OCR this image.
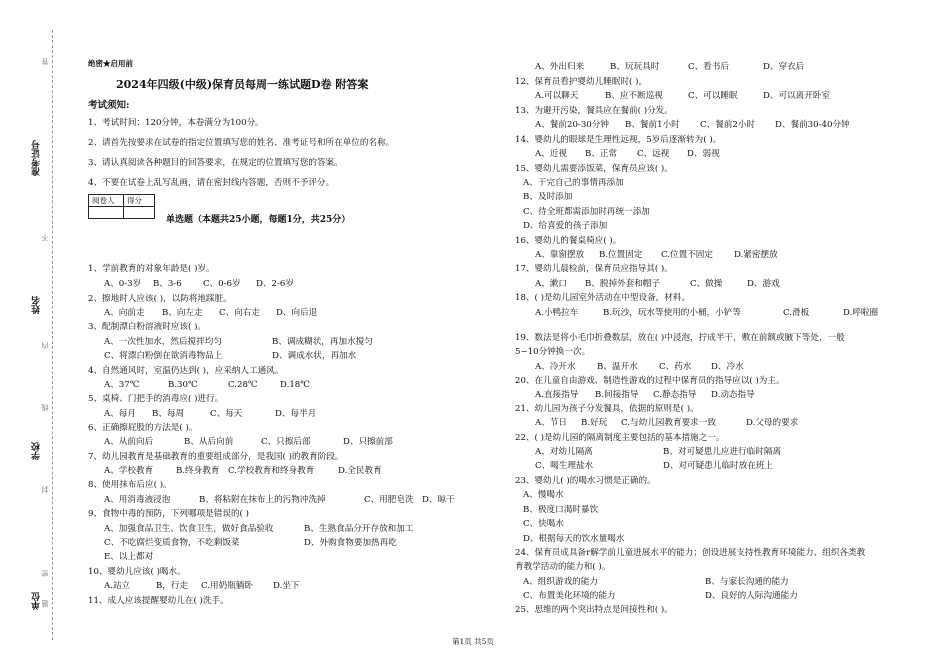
答
准考证号
不
姓名
内
线
学校
封
密
单位 题
绝密★启用前
2024年四级(中级)保育员每周一练试题D卷 附答案
考试须知:
1、考试时间：120分钟，本卷满分为100分。
2、请首先按要求在试卷的指定位置填写您的姓名、准考证号和所在单位的名称。
3、请认真阅读各种题目的回答要求，在规定的位置填写您的答案。
4、不要在试卷上乱写乱画，请在密封线内答题，否则不予评分。
阅卷人	得分

单选题（本题共25小题，每题1分，共25分）
1、学前教育的对象年龄是( )岁。
A、0-3岁 B、3-6 C、0-6岁 D、2-6岁
2、擦地时人应该( )，以防将地踩脏。
A、向前走 B、向左走 C、向右走 D、向后退
3、配制漂白粉溶液时应该( )。
A、一次性加水，然后搅拌均匀	B、调成糊状，再加水搅匀
C、将漂白粉倒在欲消毒物品上	D、调成水状，再加水
4、自然通风时，室温仍达到( )，应采纳人工通风。
A、37℃	B.30℃	C.28℃	D.18℃
5、桌椅、门把手的消毒应( )进行。
A、每月 B、每周	C、每天	D、每半月
6、正确擦屁股的方法是( )。
A、从前向后	B、从后向前	C、只擦后部	D、只擦前部
7、幼儿园教育是基础教育的重要组成部分，是我国( )的教育阶段。
A、学校教育	B.终身教育 C.学校教育和终身教育	D.全民教育
8、使用抹布后应( )。
A、用消毒液浸泡	B、将粘附在抹布上的污物冲洗掉	C、用肥皂洗 D、晾干
9、食物中毒的预防，下列哪项是错误的( )
A、加强食品卫生、饮食卫生，做好食品验收	B、生熟食品分开存放和加工
C、不吃腐烂变质食物，不吃剩饭菜	D、外购食物要加热再吃
E、以上都对
10、婴幼儿应该( )喝水。
A.站立	B，行走 C.用奶瓶躺卧 D.坐下
11、成人应该提醒婴幼儿在( )洗手。
A、外出归来	B、玩玩具时	C、看书后	D、穿衣后
12、保育员看护婴幼儿睡眠时( )。
A.可以聊天	B、应不断巡视	C、可以睡眠	D、可以离开卧室
13、为避开污染，餐具应在餐前( )分发。
A、餐前20-30分钟 B、餐前1小时 C、餐前2小时 D、餐前30-40分钟
14、婴幼儿的眼球是生理性远视，5岁后逐渐转为( )。
A、近视 B、正常 C、远视 D、弱视
15、婴幼儿需要添饭菜，保育员应该( )。
A、干完自己的事情再添加
B、及时添加
C、待全班都需添加时再统一添加
D、给喜爱的孩子添加
16、婴幼儿的餐桌椅应( )。
A、靠窗摆放 B.位置固定 C.位置不固定 D.紧密摆放
17、婴幼儿晨检前，保育员应指导其( )。
A、漱口 B、脱掉外套和帽子	C、做操	D、游戏
18、( )是幼儿园室外活动在中型设备，材料。
A.小鸭拉车	B.玩沙，玩水等使用的小桶，小铲等	C.滑板	D.呼啦圈
19、数法是将小毛巾折叠数层，放在( )中浸泡，拧成半干，敷在前额或腋下等处，一般
5~10分钟换一次。
A、冷开水 B、温开水 C、药水 D、冷水
20、在儿童自由游戏、制造性游戏的过程中保育员的指导应以( )为主。
A.直接指导 B.间接指导 C.静态指导 D.动态指导
21、幼儿园为孩子分发餐具，依据的原则是( )。
A、节日 B.好玩 C.与幼儿园教育要求一致	D.父母的要求
22、( )是幼儿园的隔离制度主要包括的基本措施之一。
A、对幼儿隔离	B、对可疑患儿应进行临时隔离
C、喝生理盐水	D、对可疑患儿临时放在班上
23、婴幼儿( )的喝水习惯是正确的。
A、慢喝水
B、极度口渴时暴饮
C、快喝水
D、根据每天的饮水量喝水
24、保育员成具备r解学前儿童进展水平的能力；创设进展支持性教育环境能力、组织各类教
育教学活动的能力和( )。
A、组织游戏的能力	B、与家长沟通的能力
C、布置美化环境的能力	D、良好的人际沟通能力
25、思维的两个突出特点是间接性和( )。
第1页 共5页
